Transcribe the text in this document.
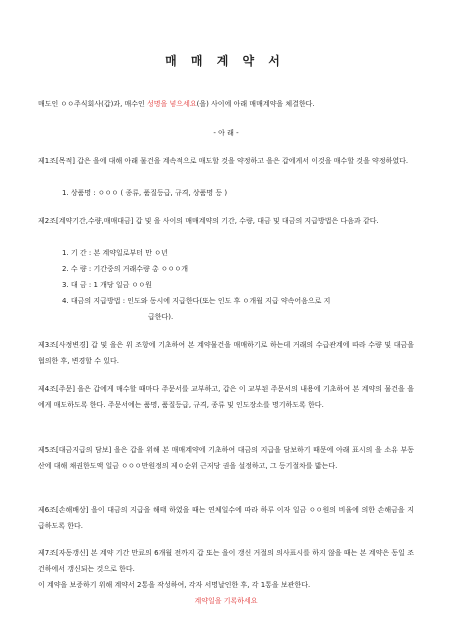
매 매 계 약 서

매도인 ㅇㅇ주식회사(갑)과, 매수인 성명을 넣으세요(을) 사이에 아래 매매계약을 체결한다.

- 아 래 -

제1조[목적] 갑은 을에 대해 아래 물건을 계속적으로 매도할 것을 약정하고 을은 갑에게서 이것을 매수할 것을 약정하였다.

1. 상품명 : ㅇㅇㅇ ( 종류, 품질등급, 규격, 상품명 등 )

제2조[계약기간,수량,매매대금] 갑 및 을 사이의 매매계약의 기간, 수량, 대금 및 대금의 지급방법은 다음과 같다.

1. 기 간 : 본 계약일로부터 만 ㅇ년
2. 수 량 : 기간중의 거래수량 총 ㅇㅇㅇ개
3. 대 금 : 1 개당 일금 ㅇㅇ원
4. 대금의 지급방법 : 인도와 동시에 지급한다(또는 인도 후 ㅇ개월 지급 약속어음으로 지
급한다).

제3조[사정변경] 갑 및 을은 위 조항에 기초하여 본 계약물건을 매매하기로 하는데 거래의 수급관계에 따라 수량 및 대금을 협의한 후, 변경할 수 있다.

제4조[주문] 을은 갑에게 매수할 때마다 주문서를 교부하고, 갑은 이 교부된 주문서의 내용에 기초하여 본 계약의 물건을 을에게 매도하도록 한다. 주문서에는 품명, 품질등급, 규격, 종류 및 인도장소를 명기하도록 한다.

제5조[대금지급의 담보] 을은 갑을 위해 본 매매계약에 기초하여 대금의 지급을 담보하기 때문에 아래 표시의 을 소유 부동산에 대해 채권한도액 일금 ㅇㅇㅇ만원정의 제ㅇ순위 근저당 권을 설정하고, 그 등기절차를 밟는다.

제6조[손해배상] 을이 대금의 지급을 해태 하였을 때는 연체일수에 따라 하루 이자 일금 ㅇㅇ원의 비율에 의한 손해금을 지급하도록 한다.

제7조[자동갱신] 본 계약 기간 만료의 6개월 전까지 갑 또는 을이 갱신 거절의 의사표시를 하지 않을 때는 본 계약은 동일 조건하에서 갱신되는 것으로 한다.

이 계약을 보증하기 위해 계약서 2통을 작성하여, 각자 서명날인한 후, 각 1통을 보관한다.

계약일을 기록하세요
